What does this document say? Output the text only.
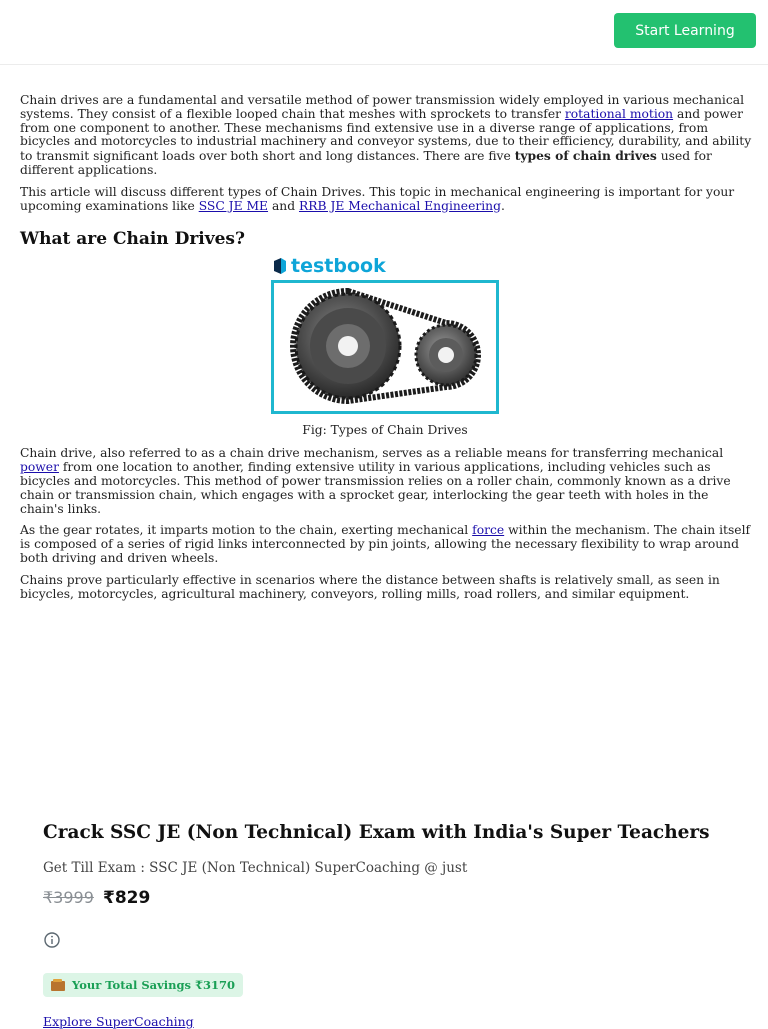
Start Learning

Chain drives are a fundamental and versatile method of power transmission widely employed in various mechanical systems. They consist of a flexible looped chain that meshes with sprockets to transfer rotational motion and power from one component to another. These mechanisms find extensive use in a diverse range of applications, from bicycles and motorcycles to industrial machinery and conveyor systems, due to their efficiency, durability, and ability to transmit significant loads over both short and long distances. There are five types of chain drives used for different applications.

This article will discuss different types of Chain Drives. This topic in mechanical engineering is important for your upcoming examinations like SSC JE ME and RRB JE Mechanical Engineering.

What are Chain Drives?
testbook
Fig: Types of Chain Drives

Chain drive, also referred to as a chain drive mechanism, serves as a reliable means for transferring mechanical power from one location to another, finding extensive utility in various applications, including vehicles such as bicycles and motorcycles. This method of power transmission relies on a roller chain, commonly known as a drive chain or transmission chain, which engages with a sprocket gear, interlocking the gear teeth with holes in the chain's links.

As the gear rotates, it imparts motion to the chain, exerting mechanical force within the mechanism. The chain itself is composed of a series of rigid links interconnected by pin joints, allowing the necessary flexibility to wrap around both driving and driven wheels.

Chains prove particularly effective in scenarios where the distance between shafts is relatively small, as seen in bicycles, motorcycles, agricultural machinery, conveyors, rolling mills, road rollers, and similar equipment.

Crack SSC JE (Non Technical) Exam with India's Super Teachers
Get Till Exam : SSC JE (Non Technical) SuperCoaching @ just
₹3999 ₹829
Your Total Savings ₹3170
Explore SuperCoaching
